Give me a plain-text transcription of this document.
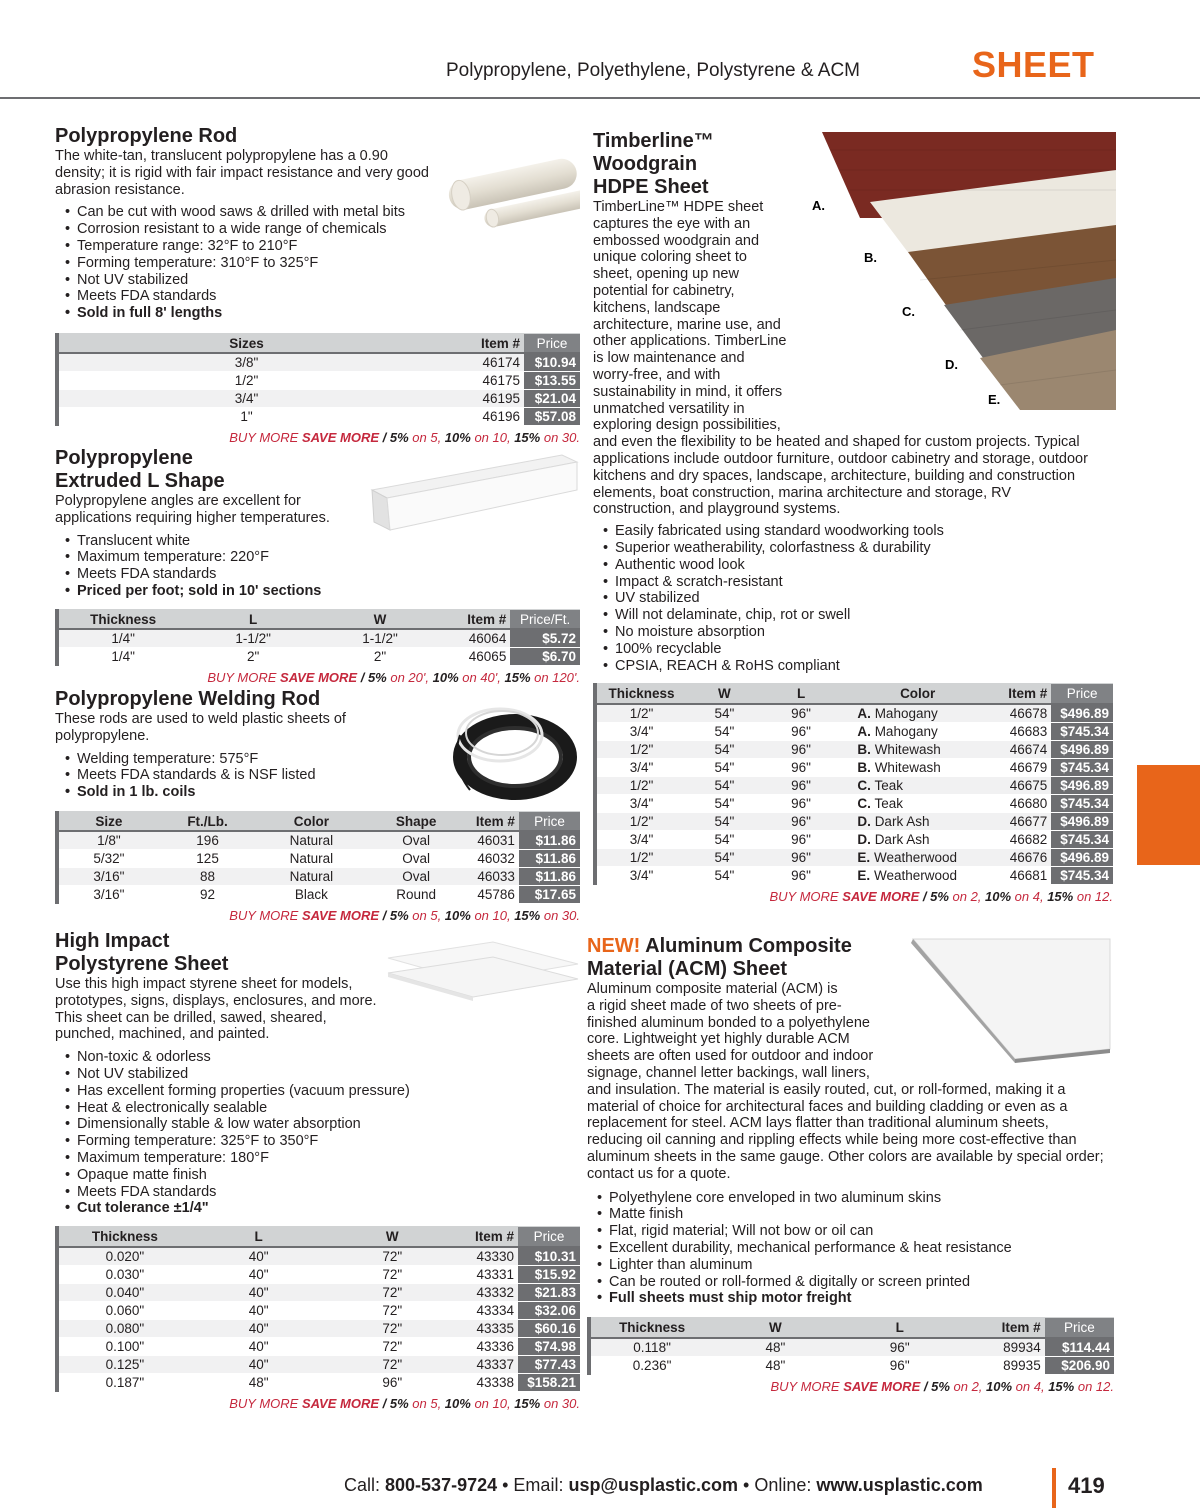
Polypropylene, Polyethylene, Polystyrene & ACM	SHEET
Polypropylene Rod
The white-tan, translucent polypropylene has a 0.90 density; it is rigid with fair impact resistance and very good abrasion resistance.
• Can be cut with wood saws & drilled with metal bits
• Corrosion resistant to a wide range of chemicals
• Temperature range: 32°F to 210°F
• Forming temperature: 310°F to 325°F
• Not UV stabilized
• Meets FDA standards
• Sold in full 8' lengths
Sizes	Item #	Price
3/8"	46174	$10.94
1/2"	46175	$13.55
3/4"	46195	$21.04
1"	46196	$57.08
BUY MORE SAVE MORE / 5% on 5, 10% on 10, 15% on 30.
Polypropylene
Extruded L Shape
Polypropylene angles are excellent for applications requiring higher temperatures.
• Translucent white
• Maximum temperature: 220°F
• Meets FDA standards
• Priced per foot; sold in 10' sections
Thickness	L	W	Item #	Price/Ft.
1/4"	1-1/2"	1-1/2"	46064	$5.72
1/4"	2"	2"	46065	$6.70
BUY MORE SAVE MORE / 5% on 20', 10% on 40', 15% on 120'.
Polypropylene Welding Rod
These rods are used to weld plastic sheets of polypropylene.
• Welding temperature: 575°F
• Meets FDA standards & is NSF listed
• Sold in 1 lb. coils
Size	Ft./Lb.	Color	Shape	Item #	Price
1/8"	196	Natural	Oval	46031	$11.86
5/32"	125	Natural	Oval	46032	$11.86
3/16"	88	Natural	Oval	46033	$11.86
3/16"	92	Black	Round	45786	$17.65
BUY MORE SAVE MORE / 5% on 5, 10% on 10, 15% on 30.
High Impact
Polystyrene Sheet
Use this high impact styrene sheet for models, prototypes, signs, displays, enclosures, and more. This sheet can be drilled, sawed, sheared, punched, machined, and painted.
• Non-toxic & odorless
• Not UV stabilized
• Has excellent forming properties (vacuum pressure)
• Heat & electronically sealable
• Dimensionally stable & low water absorption
• Forming temperature: 325°F to 350°F
• Maximum temperature: 180°F
• Opaque matte finish
• Meets FDA standards
• Cut tolerance ±1/4"
Thickness	L	W	Item #	Price
0.020"	40"	72"	43330	$10.31
0.030"	40"	72"	43331	$15.92
0.040"	40"	72"	43332	$21.83
0.060"	40"	72"	43334	$32.06
0.080"	40"	72"	43335	$60.16
0.100"	40"	72"	43336	$74.98
0.125"	40"	72"	43337	$77.43
0.187"	48"	96"	43338	$158.21
BUY MORE SAVE MORE / 5% on 5, 10% on 10, 15% on 30.
Timberline™
Woodgrain
HDPE Sheet
TimberLine™ HDPE sheet
captures the eye with an
embossed woodgrain and
unique coloring sheet to
sheet, opening up new
potential for cabinetry,
kitchens, landscape
architecture, marine use, and
other applications. TimberLine
is low maintenance and
worry-free, and with
sustainability in mind, it offers
unmatched versatility in
exploring design possibilities,
and even the flexibility to be heated and shaped for custom projects. Typical applications include outdoor furniture, outdoor cabinetry and storage, outdoor kitchens and dry spaces, landscape, architecture, building and construction elements, boat construction, marina architecture and storage, RV construction, and playground systems.
• Easily fabricated using standard woodworking tools
• Superior weatherability, colorfastness & durability
• Authentic wood look
• Impact & scratch-resistant
• UV stabilized
• Will not delaminate, chip, rot or swell
• No moisture absorption
• 100% recyclable
• CPSIA, REACH & RoHS compliant
Thickness	W	L	Color	Item #	Price
1/2"	54"	96"	A. Mahogany	46678	$496.89
3/4"	54"	96"	A. Mahogany	46683	$745.34
1/2"	54"	96"	B. Whitewash	46674	$496.89
3/4"	54"	96"	B. Whitewash	46679	$745.34
1/2"	54"	96"	C. Teak	46675	$496.89
3/4"	54"	96"	C. Teak	46680	$745.34
1/2"	54"	96"	D. Dark Ash	46677	$496.89
3/4"	54"	96"	D. Dark Ash	46682	$745.34
1/2"	54"	96"	E. Weatherwood	46676	$496.89
3/4"	54"	96"	E. Weatherwood	46681	$745.34
BUY MORE SAVE MORE / 5% on 2, 10% on 4, 15% on 12.
A.
B.
C.
D.
E.
NEW! Aluminum Composite
Material (ACM) Sheet
Aluminum composite material (ACM) is
a rigid sheet made of two sheets of pre-
finished aluminum bonded to a polyethylene
core. Lightweight yet highly durable ACM
sheets are often used for outdoor and indoor
signage, channel letter backings, wall liners,
and insulation. The material is easily routed, cut, or roll-formed, making it a material of choice for architectural faces and building cladding or even as a replacement for steel. ACM lays flatter than traditional aluminum sheets, reducing oil canning and rippling effects while being more cost-effective than aluminum sheets in the same gauge. Other colors are available by special order; contact us for a quote.
• Polyethylene core enveloped in two aluminum skins
• Matte finish
• Flat, rigid material; Will not bow or oil can
• Excellent durability, mechanical performance & heat resistance
• Lighter than aluminum
• Can be routed or roll-formed & digitally or screen printed
• Full sheets must ship motor freight
Thickness	W	L	Item #	Price
0.118"	48"	96"	89934	$114.44
0.236"	48"	96"	89935	$206.90
BUY MORE SAVE MORE / 5% on 2, 10% on 4, 15% on 12.
Call: 800-537-9724 • Email: usp@usplastic.com • Online: www.usplastic.com	419
